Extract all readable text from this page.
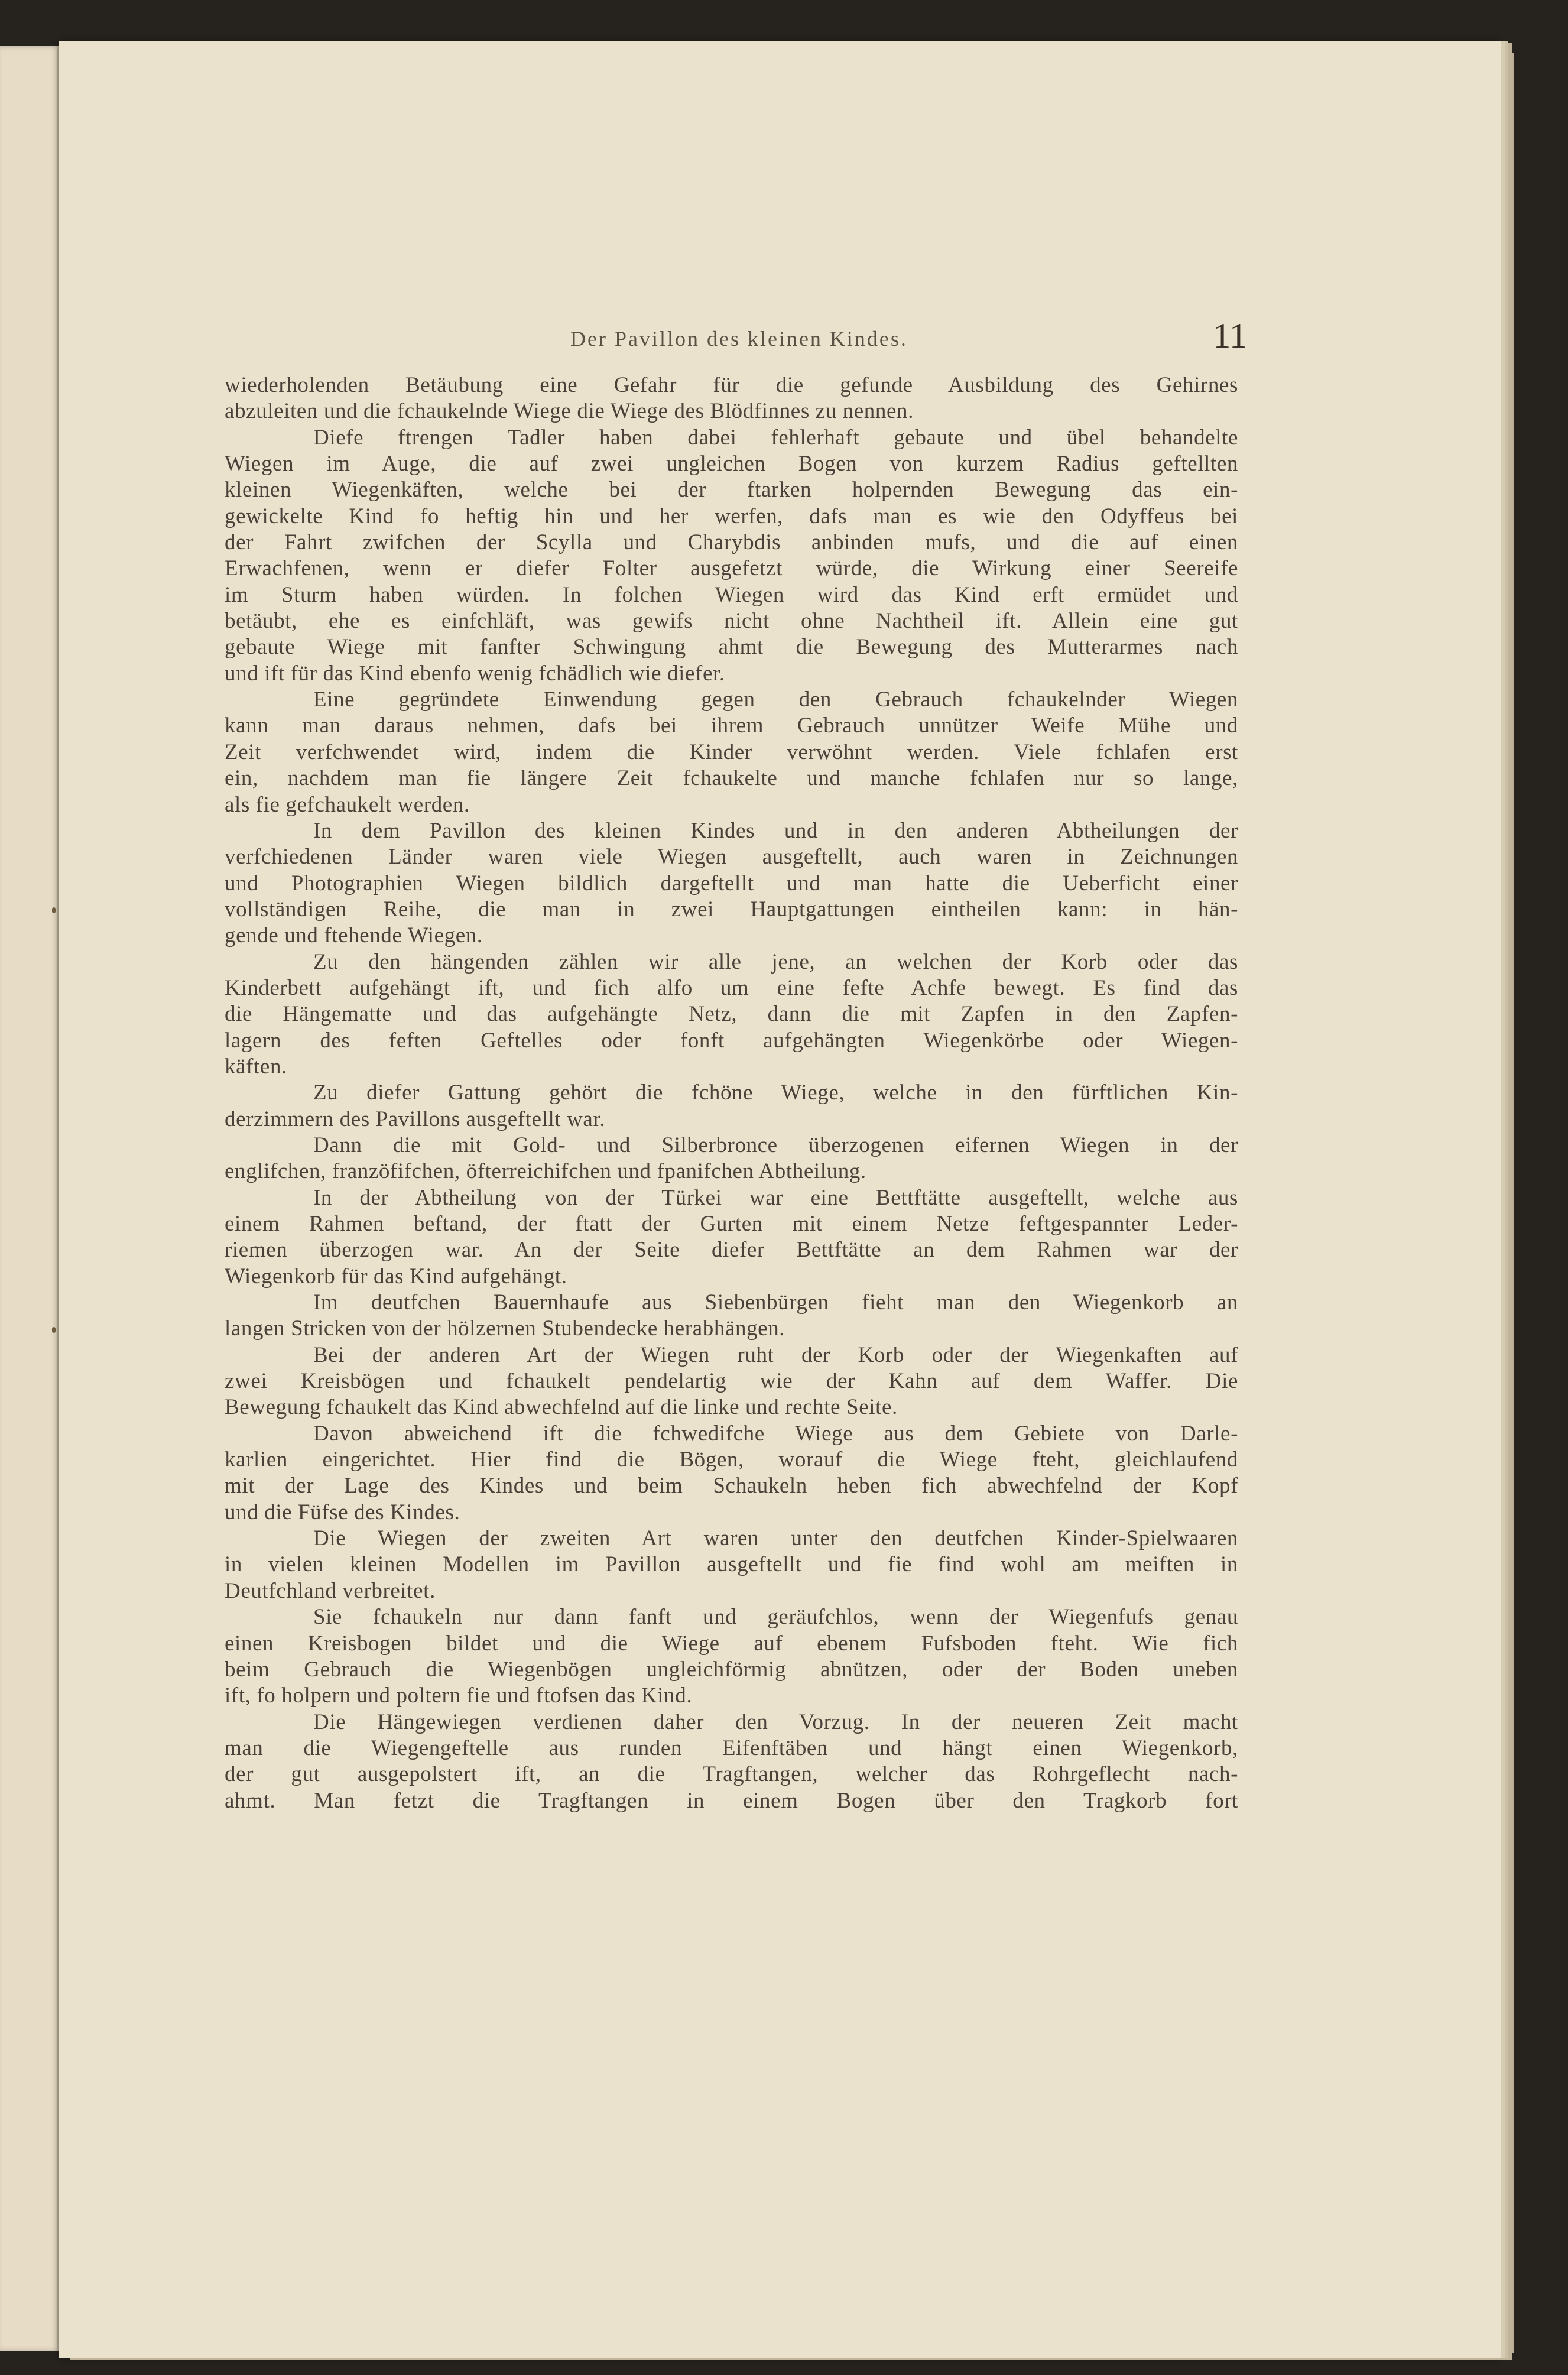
Der Pavillon des kleinen Kindes.	11
wiederholenden Betäubung eine Gefahr für die gefunde Ausbildung des Gehirnes
abzuleiten und die fchaukelnde Wiege die Wiege des Blödfinnes zu nennen.
Diefe ftrengen Tadler haben dabei fehlerhaft gebaute und übel behandelte
Wiegen im Auge, die auf zwei ungleichen Bogen von kurzem Radius geftellten
kleinen Wiegenkäften, welche bei der ftarken holpernden Bewegung das ein-
gewickelte Kind fo heftig hin und her werfen, dafs man es wie den Odyffeus bei
der Fahrt zwifchen der Scylla und Charybdis anbinden mufs, und die auf einen
Erwachfenen, wenn er diefer Folter ausgefetzt würde, die Wirkung einer Seereife
im Sturm haben würden. In folchen Wiegen wird das Kind erft ermüdet und
betäubt, ehe es einfchläft, was gewifs nicht ohne Nachtheil ift. Allein eine gut
gebaute Wiege mit fanfter Schwingung ahmt die Bewegung des Mutterarmes nach
und ift für das Kind ebenfo wenig fchädlich wie diefer.
Eine gegründete Einwendung gegen den Gebrauch fchaukelnder Wiegen
kann man daraus nehmen, dafs bei ihrem Gebrauch unnützer Weife Mühe und
Zeit verfchwendet wird, indem die Kinder verwöhnt werden. Viele fchlafen erst
ein, nachdem man fie längere Zeit fchaukelte und manche fchlafen nur so lange,
als fie gefchaukelt werden.
In dem Pavillon des kleinen Kindes und in den anderen Abtheilungen der
verfchiedenen Länder waren viele Wiegen ausgeftellt, auch waren in Zeichnungen
und Photographien Wiegen bildlich dargeftellt und man hatte die Ueberficht einer
vollständigen Reihe, die man in zwei Hauptgattungen eintheilen kann: in hän-
gende und ftehende Wiegen.
Zu den hängenden zählen wir alle jene, an welchen der Korb oder das
Kinderbett aufgehängt ift, und fich alfo um eine fefte Achfe bewegt. Es find das
die Hängematte und das aufgehängte Netz, dann die mit Zapfen in den Zapfen-
lagern des feften Geftelles oder fonft aufgehängten Wiegenkörbe oder Wiegen-
käften.
Zu diefer Gattung gehört die fchöne Wiege, welche in den fürftlichen Kin-
derzimmern des Pavillons ausgeftellt war.
Dann die mit Gold- und Silberbronce überzogenen eifernen Wiegen in der
englifchen, franzöfifchen, öfterreichifchen und fpanifchen Abtheilung.
In der Abtheilung von der Türkei war eine Bettftätte ausgeftellt, welche aus
einem Rahmen beftand, der ftatt der Gurten mit einem Netze feftgespannter Leder-
riemen überzogen war. An der Seite diefer Bettftätte an dem Rahmen war der
Wiegenkorb für das Kind aufgehängt.
Im deutfchen Bauernhaufe aus Siebenbürgen fieht man den Wiegenkorb an
langen Stricken von der hölzernen Stubendecke herabhängen.
Bei der anderen Art der Wiegen ruht der Korb oder der Wiegenkaften auf
zwei Kreisbögen und fchaukelt pendelartig wie der Kahn auf dem Waffer. Die
Bewegung fchaukelt das Kind abwechfelnd auf die linke und rechte Seite.
Davon abweichend ift die fchwedifche Wiege aus dem Gebiete von Darle-
karlien eingerichtet. Hier find die Bögen, worauf die Wiege fteht, gleichlaufend
mit der Lage des Kindes und beim Schaukeln heben fich abwechfelnd der Kopf
und die Füfse des Kindes.
Die Wiegen der zweiten Art waren unter den deutfchen Kinder-Spielwaaren
in vielen kleinen Modellen im Pavillon ausgeftellt und fie find wohl am meiften in
Deutfchland verbreitet.
Sie fchaukeln nur dann fanft und geräufchlos, wenn der Wiegenfufs genau
einen Kreisbogen bildet und die Wiege auf ebenem Fufsboden fteht. Wie fich
beim Gebrauch die Wiegenbögen ungleichförmig abnützen, oder der Boden uneben
ift, fo holpern und poltern fie und ftofsen das Kind.
Die Hängewiegen verdienen daher den Vorzug. In der neueren Zeit macht
man die Wiegengeftelle aus runden Eifenftäben und hängt einen Wiegenkorb,
der gut ausgepolstert ift, an die Tragftangen, welcher das Rohrgeflecht nach-
ahmt. Man fetzt die Tragftangen in einem Bogen über den Tragkorb fort
